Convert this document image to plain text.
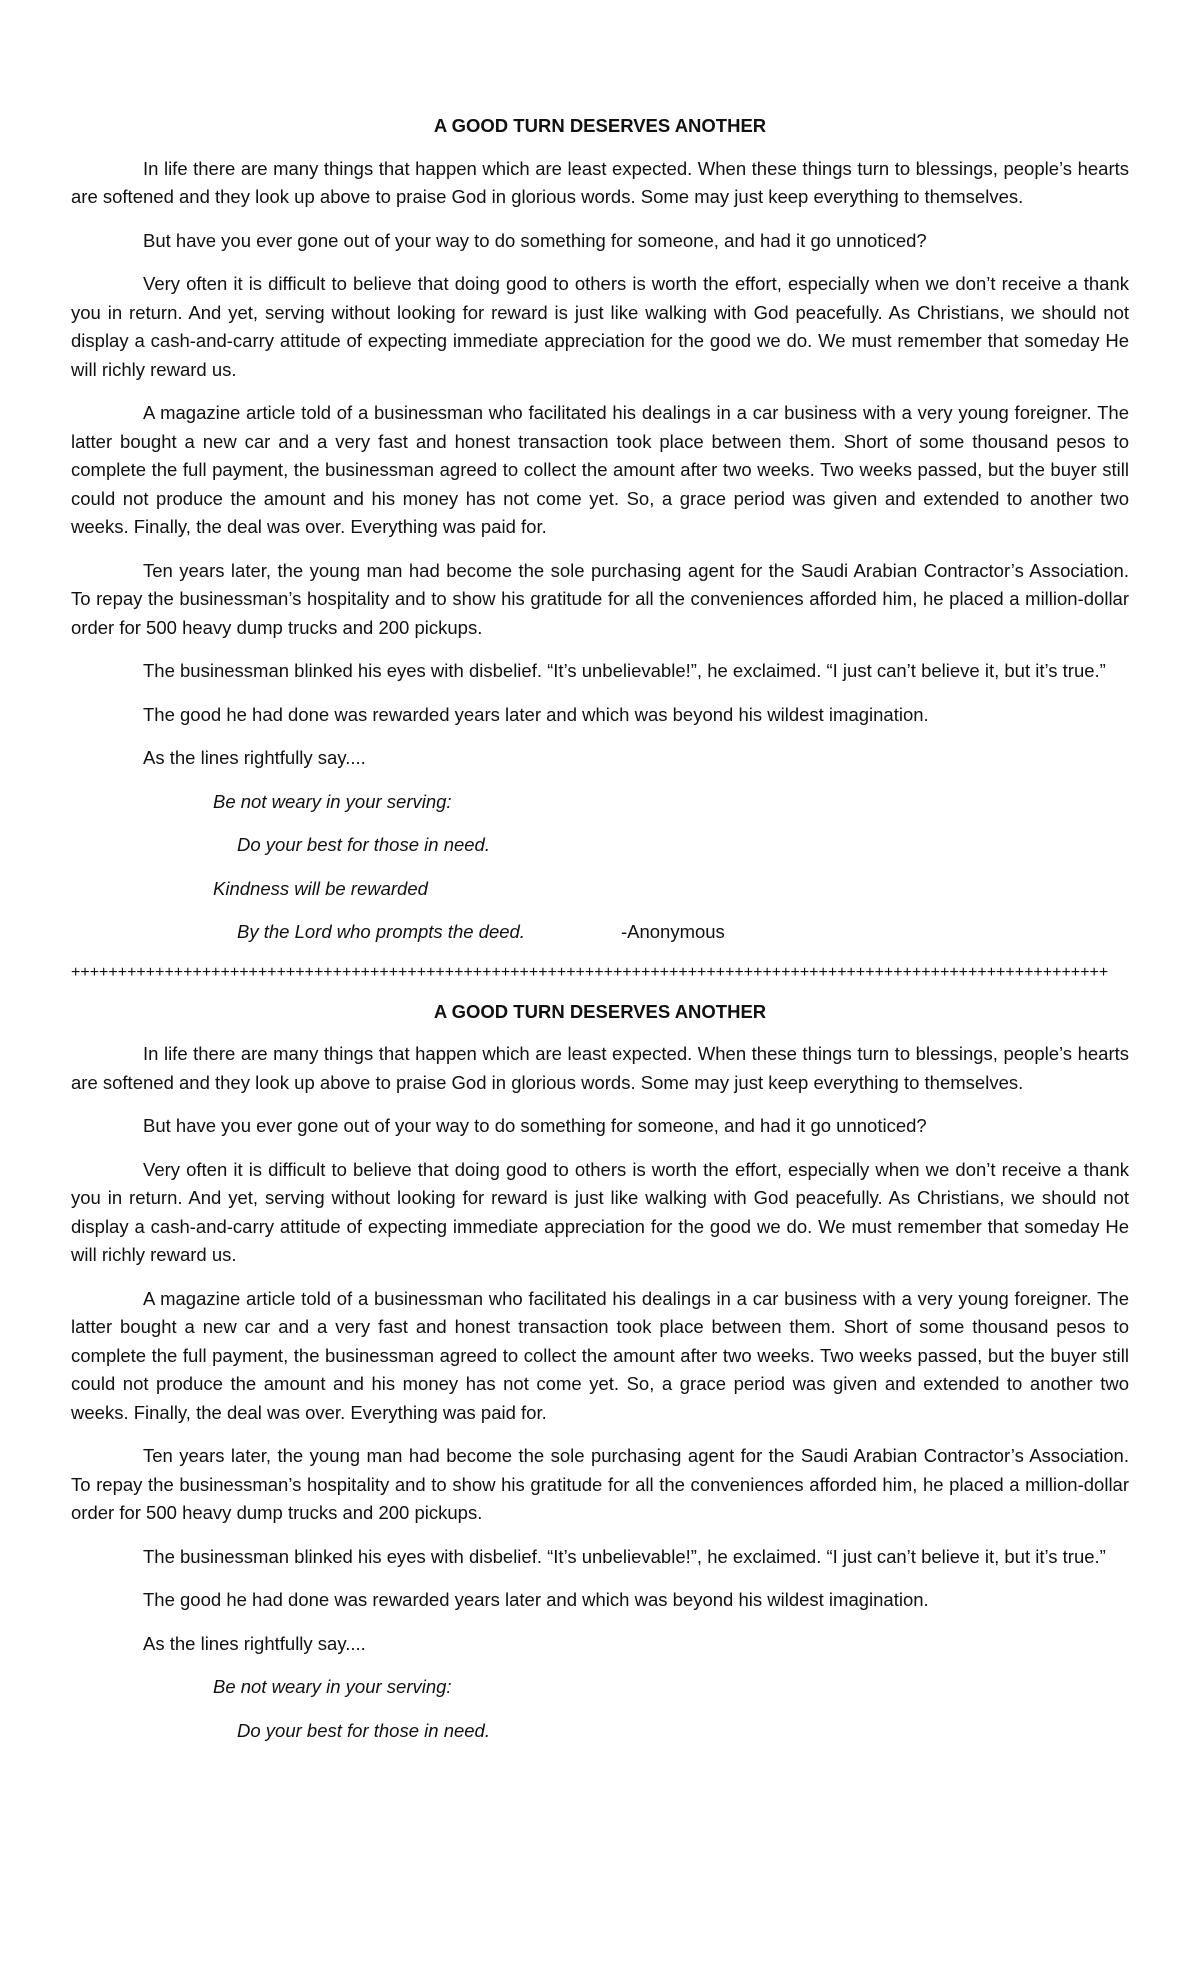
A GOOD TURN DESERVES ANOTHER

In life there are many things that happen which are least expected. When these things turn to blessings, people’s hearts are softened and they look up above to praise God in glorious words. Some may just keep everything to themselves.

But have you ever gone out of your way to do something for someone, and had it go unnoticed?

Very often it is difficult to believe that doing good to others is worth the effort, especially when we don’t receive a thank you in return. And yet, serving without looking for reward is just like walking with God peacefully. As Christians, we should not display a cash-and-carry attitude of expecting immediate appreciation for the good we do. We must remember that someday He will richly reward us.

A magazine article told of a businessman who facilitated his dealings in a car business with a very young foreigner. The latter bought a new car and a very fast and honest transaction took place between them. Short of some thousand pesos to complete the full payment, the businessman agreed to collect the amount after two weeks. Two weeks passed, but the buyer still could not produce the amount and his money has not come yet. So, a grace period was given and extended to another two weeks. Finally, the deal was over. Everything was paid for.

Ten years later, the young man had become the sole purchasing agent for the Saudi Arabian Contractor’s Association. To repay the businessman’s hospitality and to show his gratitude for all the conveniences afforded him, he placed a million-dollar order for 500 heavy dump trucks and 200 pickups.

The businessman blinked his eyes with disbelief. “It’s unbelievable!”, he exclaimed. “I just can’t believe it, but it’s true.”

The good he had done was rewarded years later and which was beyond his wildest imagination.

As the lines rightfully say....

Be not weary in your serving:
Do your best for those in need.
Kindness will be rewarded
By the Lord who prompts the deed.	-Anonymous
+++++++++++++++++++++++++++++++++++++++++++++++++++++++++++++++++++++++++++++++++++++++++++++++++++++++++++++++
A GOOD TURN DESERVES ANOTHER

In life there are many things that happen which are least expected. When these things turn to blessings, people’s hearts are softened and they look up above to praise God in glorious words. Some may just keep everything to themselves.

But have you ever gone out of your way to do something for someone, and had it go unnoticed?

Very often it is difficult to believe that doing good to others is worth the effort, especially when we don’t receive a thank you in return. And yet, serving without looking for reward is just like walking with God peacefully. As Christians, we should not display a cash-and-carry attitude of expecting immediate appreciation for the good we do. We must remember that someday He will richly reward us.

A magazine article told of a businessman who facilitated his dealings in a car business with a very young foreigner. The latter bought a new car and a very fast and honest transaction took place between them. Short of some thousand pesos to complete the full payment, the businessman agreed to collect the amount after two weeks. Two weeks passed, but the buyer still could not produce the amount and his money has not come yet. So, a grace period was given and extended to another two weeks. Finally, the deal was over. Everything was paid for.

Ten years later, the young man had become the sole purchasing agent for the Saudi Arabian Contractor’s Association. To repay the businessman’s hospitality and to show his gratitude for all the conveniences afforded him, he placed a million-dollar order for 500 heavy dump trucks and 200 pickups.

The businessman blinked his eyes with disbelief. “It’s unbelievable!”, he exclaimed. “I just can’t believe it, but it’s true.”

The good he had done was rewarded years later and which was beyond his wildest imagination.

As the lines rightfully say....

Be not weary in your serving:
Do your best for those in need.
